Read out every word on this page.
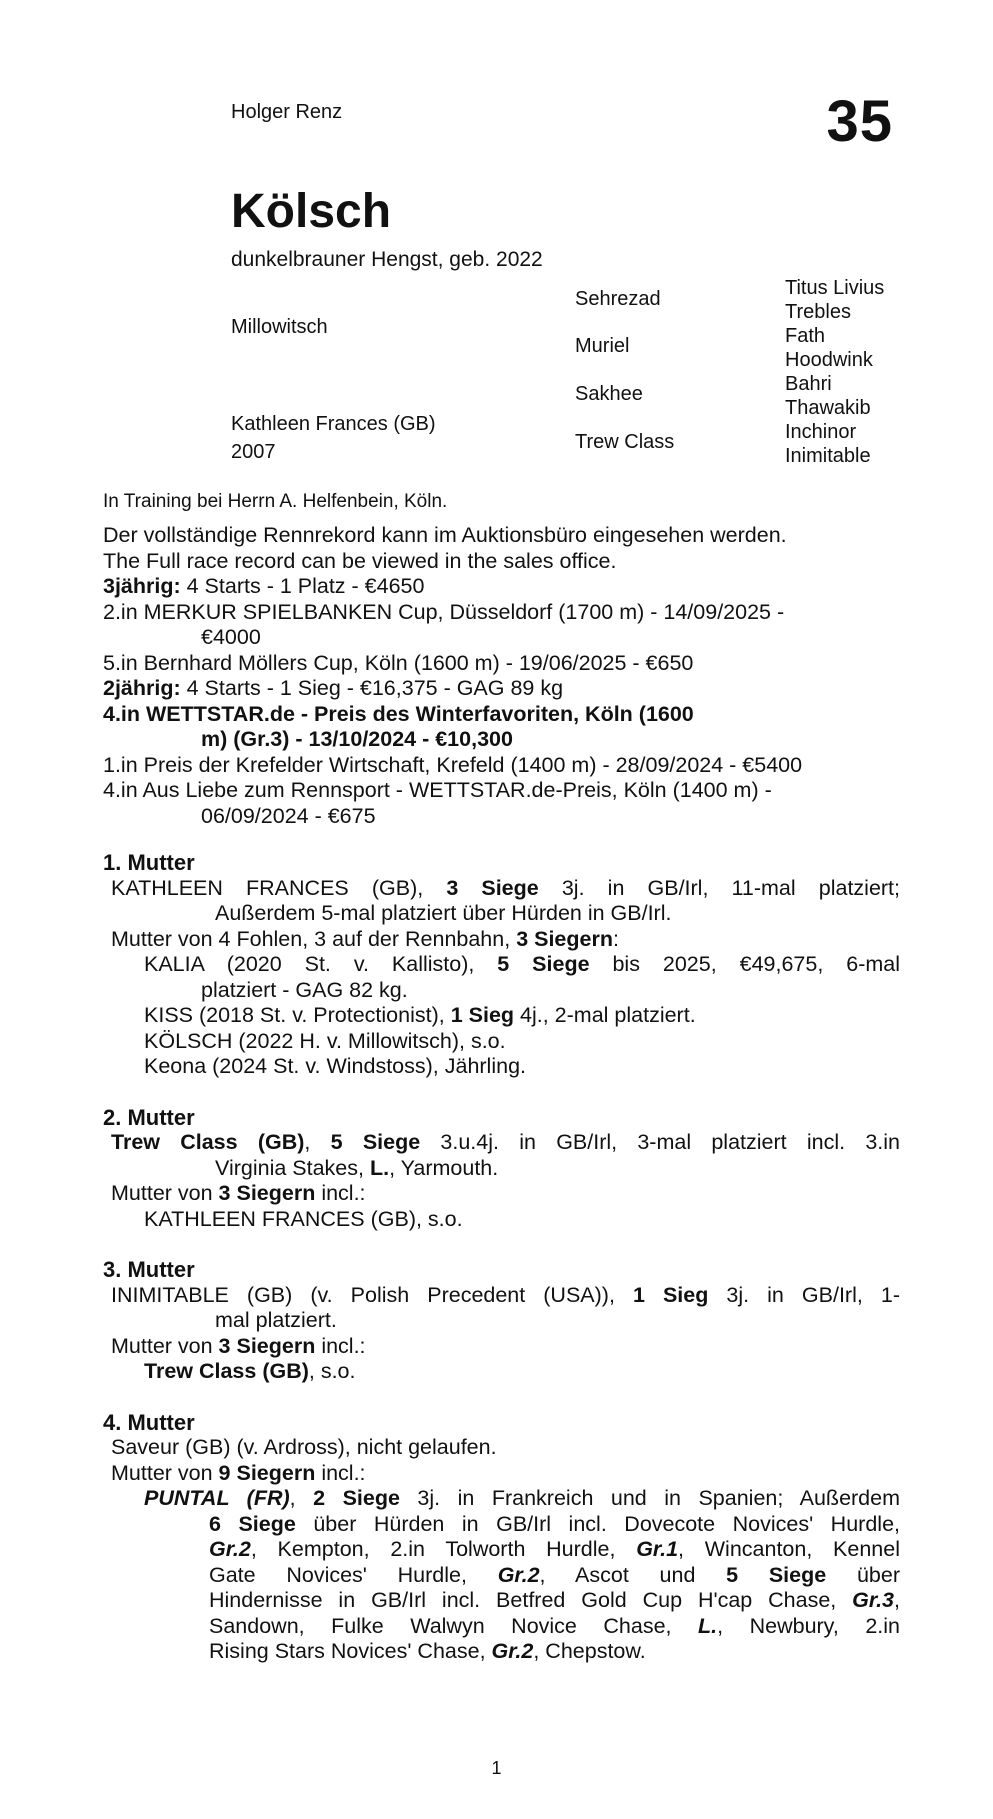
Holger Renz	35
Kölsch
dunkelbrauner Hengst, geb. 2022
Millowitsch
Kathleen Frances (GB)
2007
Sehrezad
Muriel
Sakhee
Trew Class
Titus Livius
Trebles
Fath
Hoodwink
Bahri
Thawakib
Inchinor
Inimitable
In Training bei Herrn A. Helfenbein, Köln.
Der vollständige Rennrekord kann im Auktionsbüro eingesehen werden.
The Full race record can be viewed in the sales office.
3jährig: 4 Starts - 1 Platz - €4650
2.in MERKUR SPIELBANKEN Cup, Düsseldorf (1700 m) - 14/09/2025 -
€4000
5.in Bernhard Möllers Cup, Köln (1600 m) - 19/06/2025 - €650
2jährig: 4 Starts - 1 Sieg - €16,375 - GAG 89 kg
4.in WETTSTAR.de - Preis des Winterfavoriten, Köln (1600
m) (Gr.3) - 13/10/2024 - €10,300
1.in Preis der Krefelder Wirtschaft, Krefeld (1400 m) - 28/09/2024 - €5400
4.in Aus Liebe zum Rennsport - WETTSTAR.de-Preis, Köln (1400 m) -
06/09/2024 - €675
1. Mutter
KATHLEEN FRANCES (GB), 3 Siege 3j. in GB/Irl, 11-mal platziert;
Außerdem 5-mal platziert über Hürden in GB/Irl.
Mutter von 4 Fohlen, 3 auf der Rennbahn, 3 Siegern:
KALIA (2020 St. v. Kallisto), 5 Siege bis 2025, €49,675, 6-mal
platziert - GAG 82 kg.
KISS (2018 St. v. Protectionist), 1 Sieg 4j., 2-mal platziert.
KÖLSCH (2022 H. v. Millowitsch), s.o.
Keona (2024 St. v. Windstoss), Jährling.
2. Mutter
Trew Class (GB), 5 Siege 3.u.4j. in GB/Irl, 3-mal platziert incl. 3.in
Virginia Stakes, L., Yarmouth.
Mutter von 3 Siegern incl.:
KATHLEEN FRANCES (GB), s.o.
3. Mutter
INIMITABLE (GB) (v. Polish Precedent (USA)), 1 Sieg 3j. in GB/Irl, 1-
mal platziert.
Mutter von 3 Siegern incl.:
Trew Class (GB), s.o.
4. Mutter
Saveur (GB) (v. Ardross), nicht gelaufen.
Mutter von 9 Siegern incl.:
PUNTAL (FR), 2 Siege 3j. in Frankreich und in Spanien; Außerdem
6 Siege über Hürden in GB/Irl incl. Dovecote Novices' Hurdle,
Gr.2, Kempton, 2.in Tolworth Hurdle, Gr.1, Wincanton, Kennel
Gate Novices' Hurdle, Gr.2, Ascot und 5 Siege über
Hindernisse in GB/Irl incl. Betfred Gold Cup H'cap Chase, Gr.3,
Sandown, Fulke Walwyn Novice Chase, L., Newbury, 2.in
Rising Stars Novices' Chase, Gr.2, Chepstow.
1
